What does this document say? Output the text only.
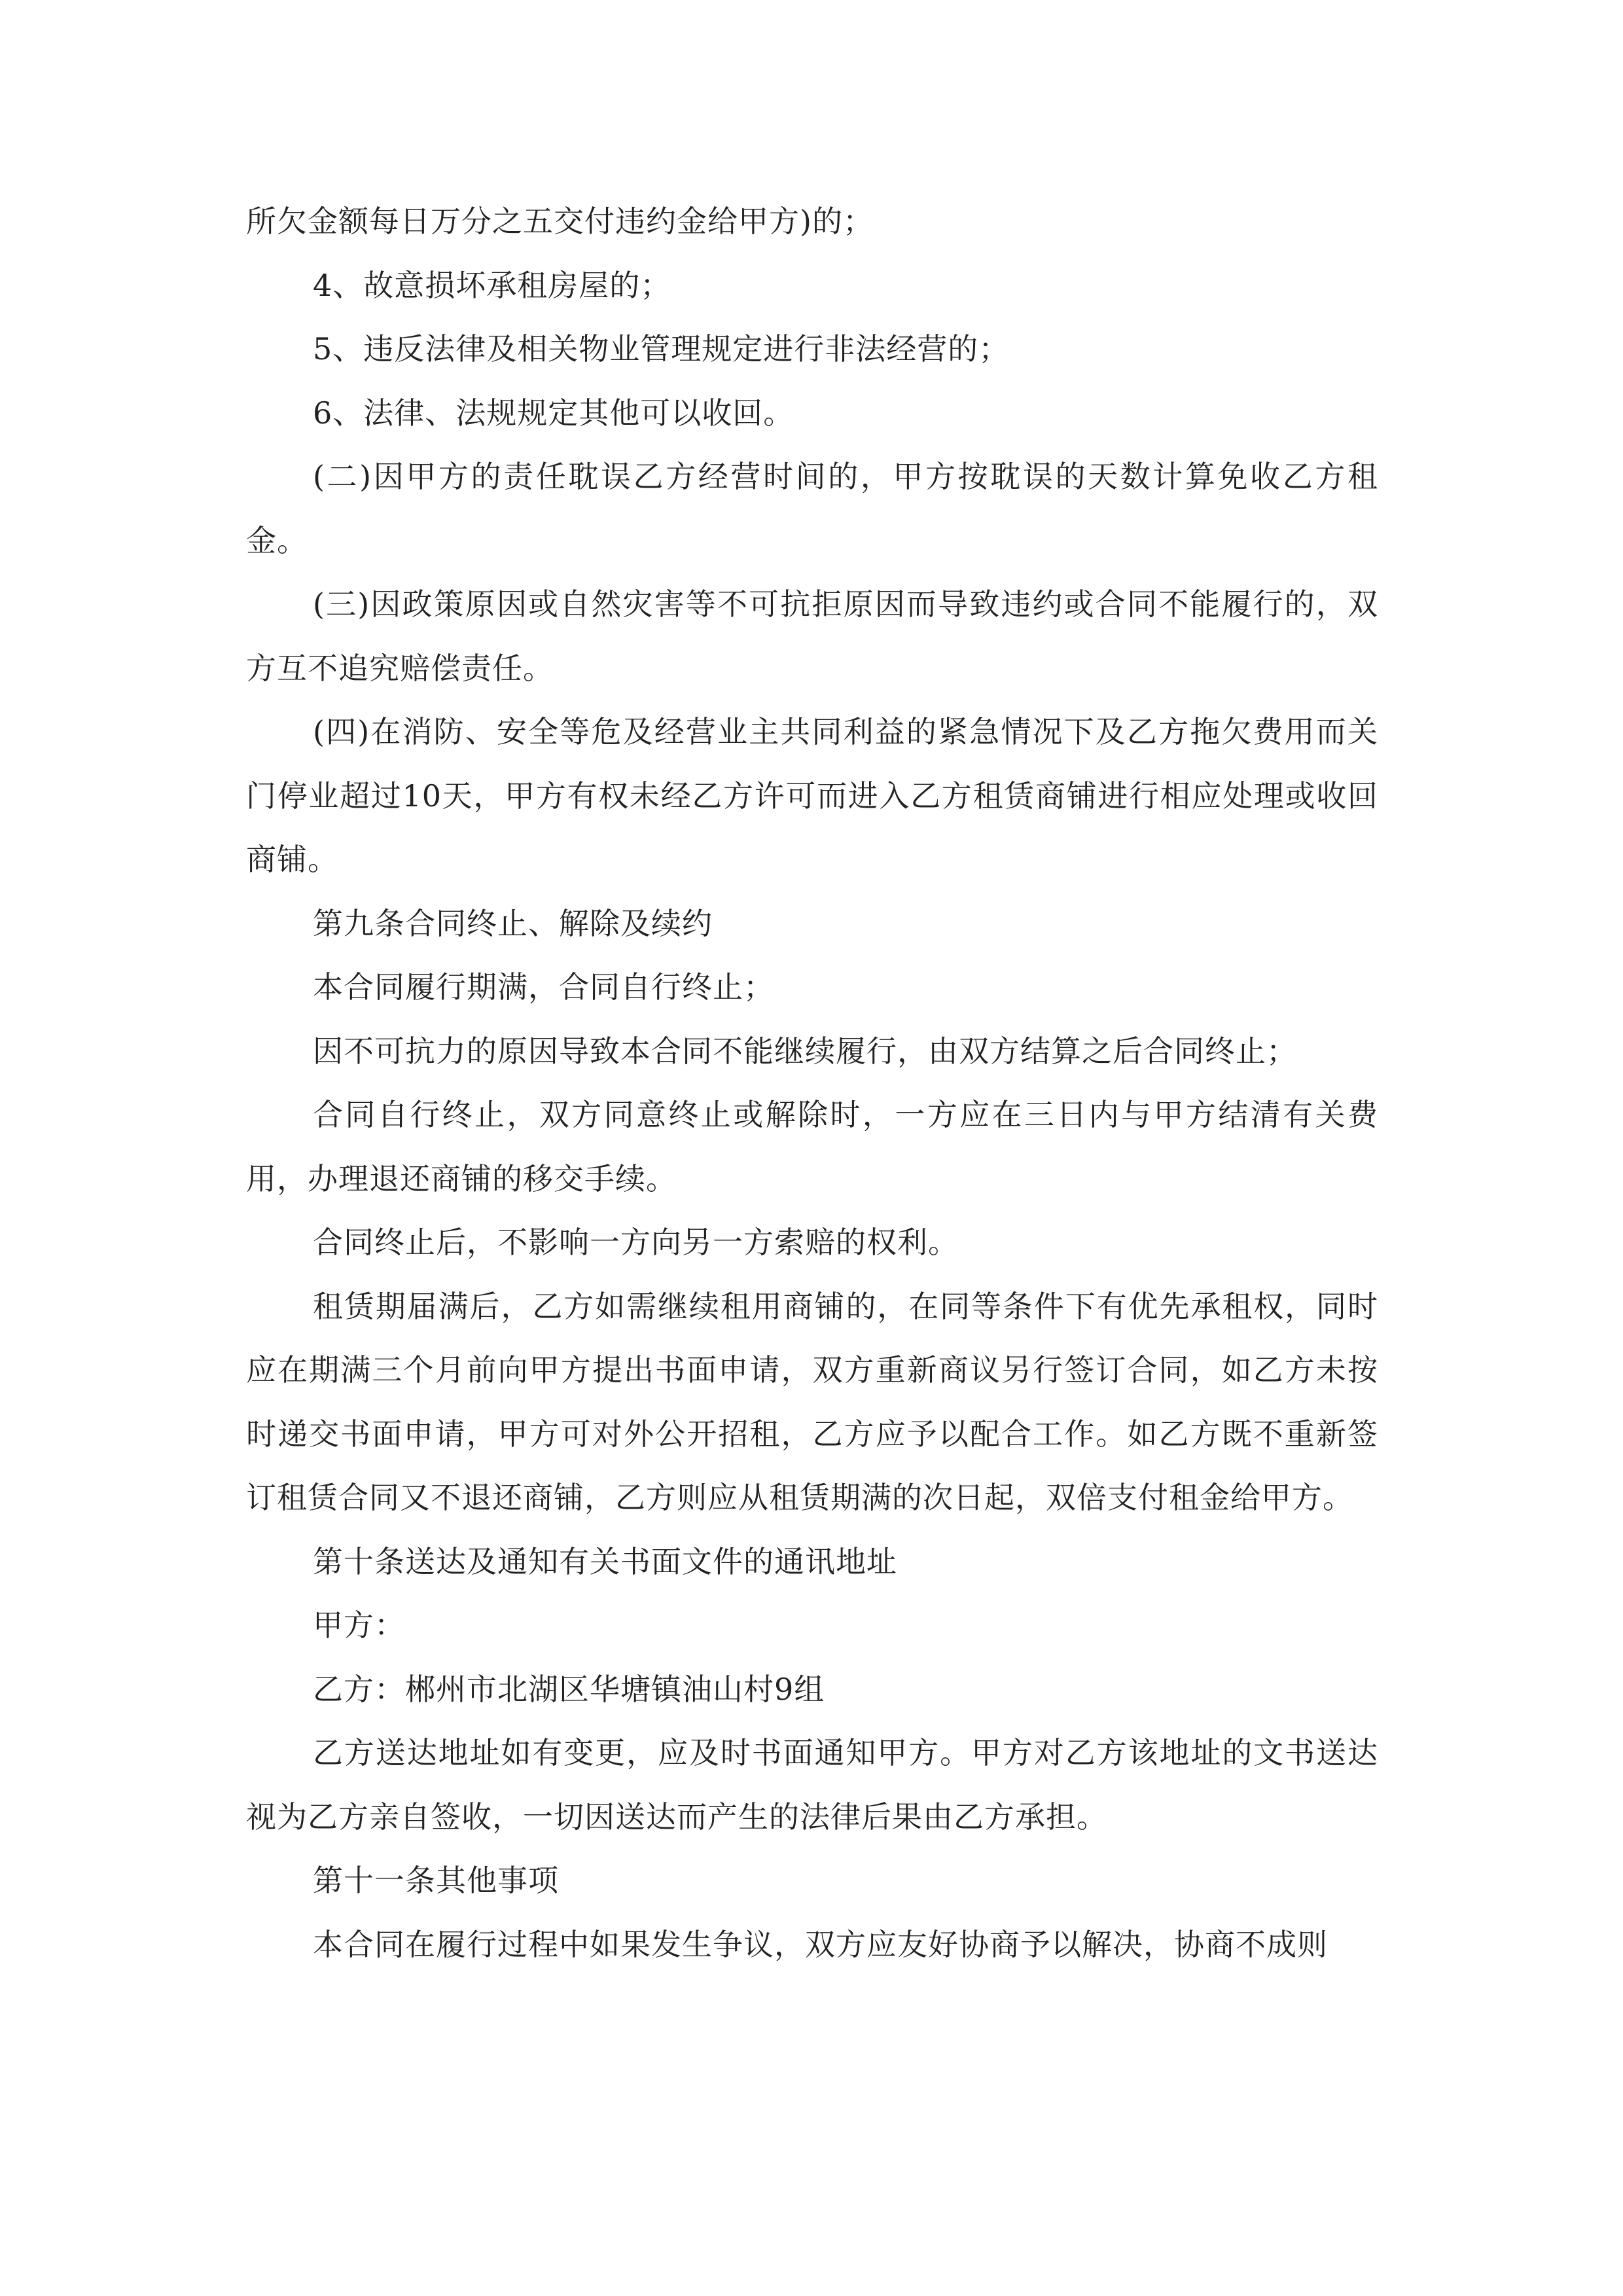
所欠金额每日万分之五交付违约金给甲方)的；

4、故意损坏承租房屋的；

5、违反法律及相关物业管理规定进行非法经营的；

6、法律、法规规定其他可以收回。

(二)因甲方的责任耽误乙方经营时间的，甲方按耽误的天数计算免收乙方租金。

(三)因政策原因或自然灾害等不可抗拒原因而导致违约或合同不能履行的，双方互不追究赔偿责任。

(四)在消防、安全等危及经营业主共同利益的紧急情况下及乙方拖欠费用而关门停业超过10天，甲方有权未经乙方许可而进入乙方租赁商铺进行相应处理或收回商铺。

第九条合同终止、解除及续约

本合同履行期满，合同自行终止；

因不可抗力的原因导致本合同不能继续履行，由双方结算之后合同终止；

合同自行终止，双方同意终止或解除时，一方应在三日内与甲方结清有关费用，办理退还商铺的移交手续。

合同终止后，不影响一方向另一方索赔的权利。

租赁期届满后，乙方如需继续租用商铺的，在同等条件下有优先承租权，同时应在期满三个月前向甲方提出书面申请，双方重新商议另行签订合同，如乙方未按时递交书面申请，甲方可对外公开招租，乙方应予以配合工作。如乙方既不重新签订租赁合同又不退还商铺，乙方则应从租赁期满的次日起，双倍支付租金给甲方。

第十条送达及通知有关书面文件的通讯地址

甲方：

乙方：郴州市北湖区华塘镇油山村9组

乙方送达地址如有变更，应及时书面通知甲方。甲方对乙方该地址的文书送达视为乙方亲自签收，一切因送达而产生的法律后果由乙方承担。

第十一条其他事项

本合同在履行过程中如果发生争议，双方应友好协商予以解决，协商不成则
